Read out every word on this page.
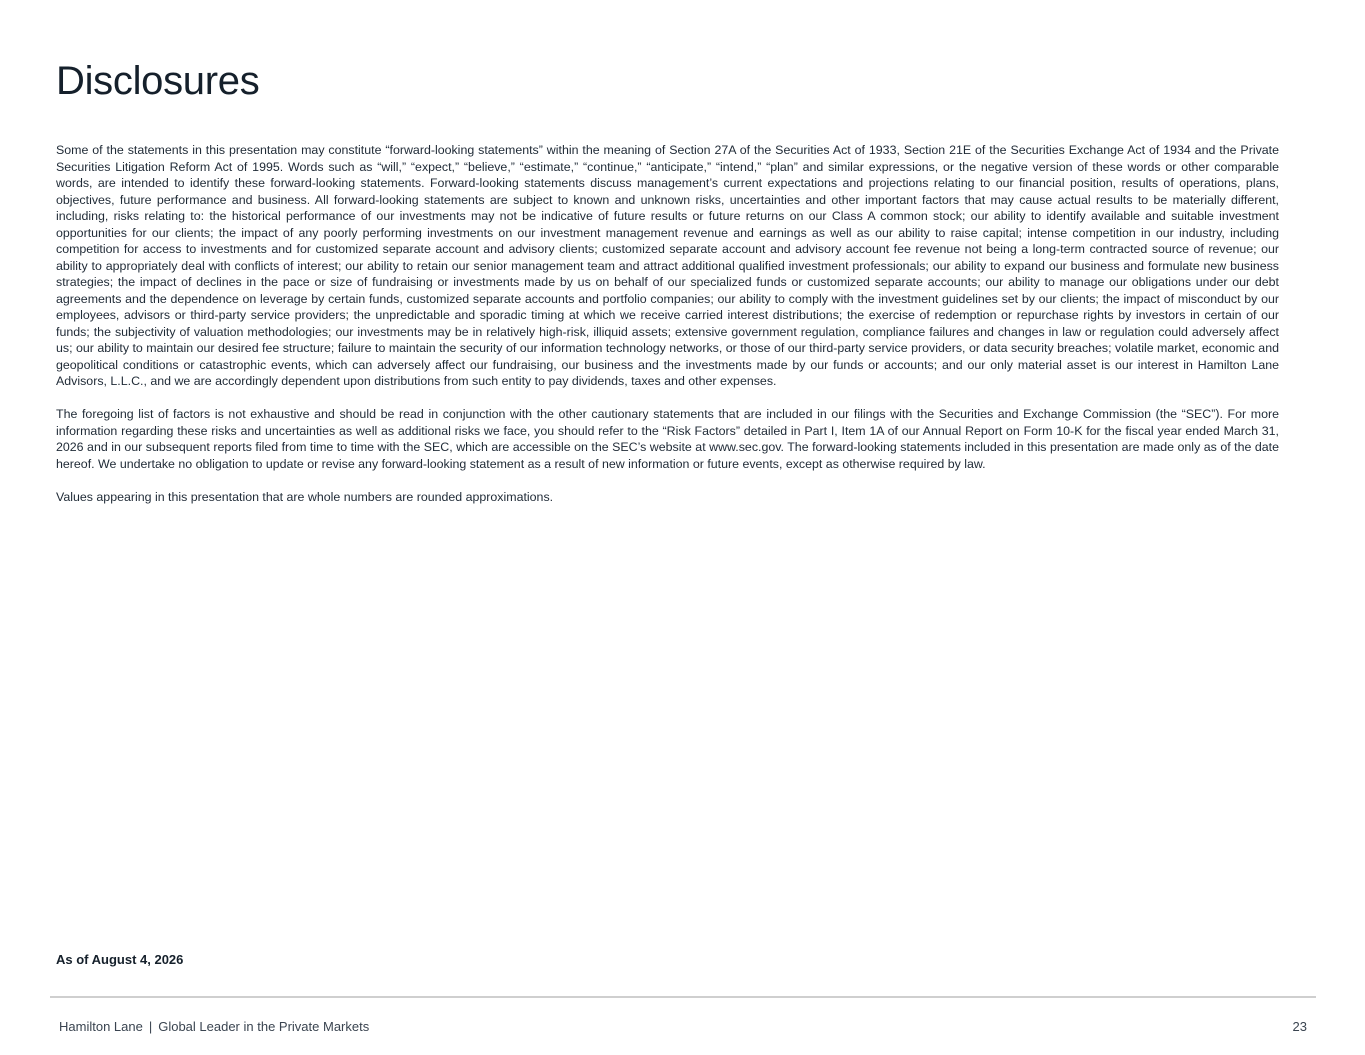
Disclosures

Some of the statements in this presentation may constitute “forward-looking statements” within the meaning of Section 27A of the Securities Act of 1933, Section 21E of the Securities Exchange Act of 1934 and the Private Securities Litigation Reform Act of 1995. Words such as “will,” “expect,” “believe,” “estimate,” “continue,” “anticipate,” “intend,” “plan” and similar expressions, or the negative version of these words or other comparable words, are intended to identify these forward-looking statements. Forward-looking statements discuss management’s current expectations and projections relating to our financial position, results of operations, plans, objectives, future performance and business. All forward-looking statements are subject to known and unknown risks, uncertainties and other important factors that may cause actual results to be materially different, including, risks relating to: the historical performance of our investments may not be indicative of future results or future returns on our Class A common stock; our ability to identify available and suitable investment opportunities for our clients; the impact of any poorly performing investments on our investment management revenue and earnings as well as our ability to raise capital; intense competition in our industry, including competition for access to investments and for customized separate account and advisory clients; customized separate account and advisory account fee revenue not being a long-term contracted source of revenue; our ability to appropriately deal with conflicts of interest; our ability to retain our senior management team and attract additional qualified investment professionals; our ability to expand our business and formulate new business strategies; the impact of declines in the pace or size of fundraising or investments made by us on behalf of our specialized funds or customized separate accounts; our ability to manage our obligations under our debt agreements and the dependence on leverage by certain funds, customized separate accounts and portfolio companies; our ability to comply with the investment guidelines set by our clients; the impact of misconduct by our employees, advisors or third-party service providers; the unpredictable and sporadic timing at which we receive carried interest distributions; the exercise of redemption or repurchase rights by investors in certain of our funds; the subjectivity of valuation methodologies; our investments may be in relatively high-risk, illiquid assets; extensive government regulation, compliance failures and changes in law or regulation could adversely affect us; our ability to maintain our desired fee structure; failure to maintain the security of our information technology networks, or those of our third-party service providers, or data security breaches; volatile market, economic and geopolitical conditions or catastrophic events, which can adversely affect our fundraising, our business and the investments made by our funds or accounts; and our only material asset is our interest in Hamilton Lane Advisors, L.L.C., and we are accordingly dependent upon distributions from such entity to pay dividends, taxes and other expenses.

The foregoing list of factors is not exhaustive and should be read in conjunction with the other cautionary statements that are included in our filings with the Securities and Exchange Commission (the “SEC”). For more information regarding these risks and uncertainties as well as additional risks we face, you should refer to the “Risk Factors” detailed in Part I, Item 1A of our Annual Report on Form 10-K for the fiscal year ended March 31, 2026 and in our subsequent reports filed from time to time with the SEC, which are accessible on the SEC’s website at www.sec.gov. The forward-looking statements included in this presentation are made only as of the date hereof. We undertake no obligation to update or revise any forward-looking statement as a result of new information or future events, except as otherwise required by law.

Values appearing in this presentation that are whole numbers are rounded approximations.

As of August 4, 2026
Hamilton Lane | Global Leader in the Private Markets	23
